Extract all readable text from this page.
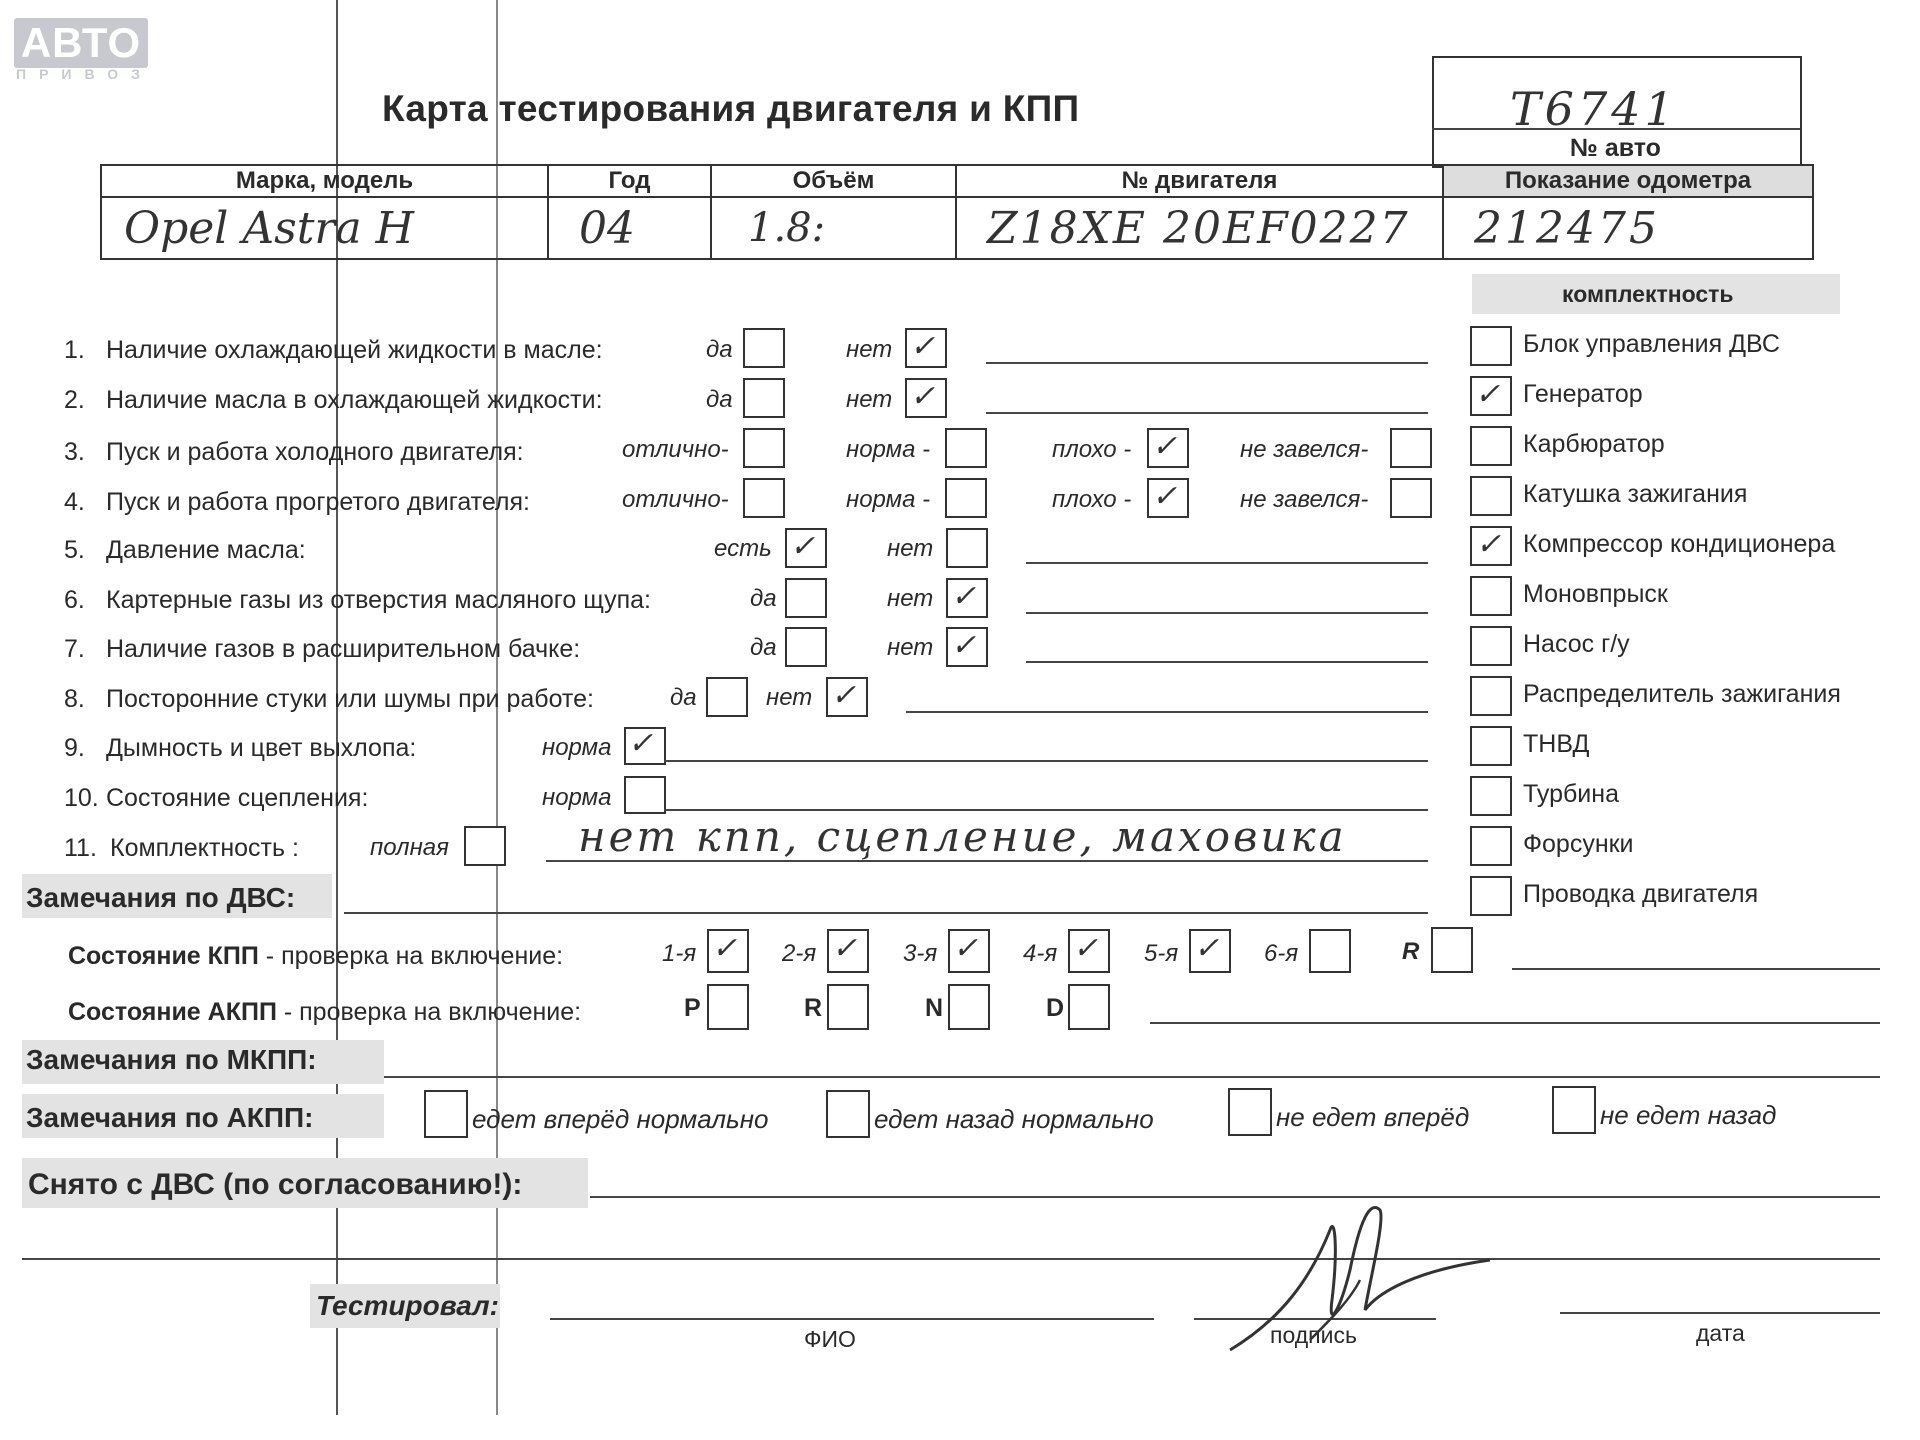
АВТО
ПРИВОЗ
Карта тестирования двигателя и КПП	T6741
№ авто
Марка, модель	Год	Объём	№ двигателя	Показание одометра
Opel Astra H	04	1.8:	Z18XE 20EF0227	212475
комплектность
Блок управления ДВС
✓ Генератор
Карбюратор
Катушка зажигания
✓ Компрессор кондиционера
Моновпрыск
Насос г/у
Распределитель зажигания
ТНВД
Турбина
Форсунки
Проводка двигателя
1. Наличие охлаждающей жидкости в масле:	да	нет ✓
2. Наличие масла в охлаждающей жидкости:	да	нет ✓
3. Пуск и работа холодного двигателя:	отлично-	норма -	плохо - ✓	не завелся-
4. Пуск и работа прогретого двигателя:	отлично-	норма -	плохо - ✓	не завелся-
5. Давление масла:	есть ✓	нет
6. Картерные газы из отверстия масляного щупа:	да	нет ✓
7. Наличие газов в расширительном бачке:	да	нет ✓
8. Посторонние стуки или шумы при работе:	да	нет ✓
9. Дымность и цвет выхлопа:	норма ✓
10. Состояние сцепления:	норма
11. Комплектность :	полная	нет кпп, сцепление, маховика
Замечания по ДВС:
Состояние КПП - проверка на включение:	1-я ✓ 2-я ✓ 3-я ✓ 4-я ✓ 5-я ✓ 6-я	R
Состояние АКПП - проверка на включение:	P	R	N	D
Замечания по МКПП:
Замечания по АКПП:	едет вперёд нормально	едет назад нормально	не едет вперёд	не едет назад
Снято с ДВС (по согласованию!):
Тестировал:
ФИО	подпись	дата
